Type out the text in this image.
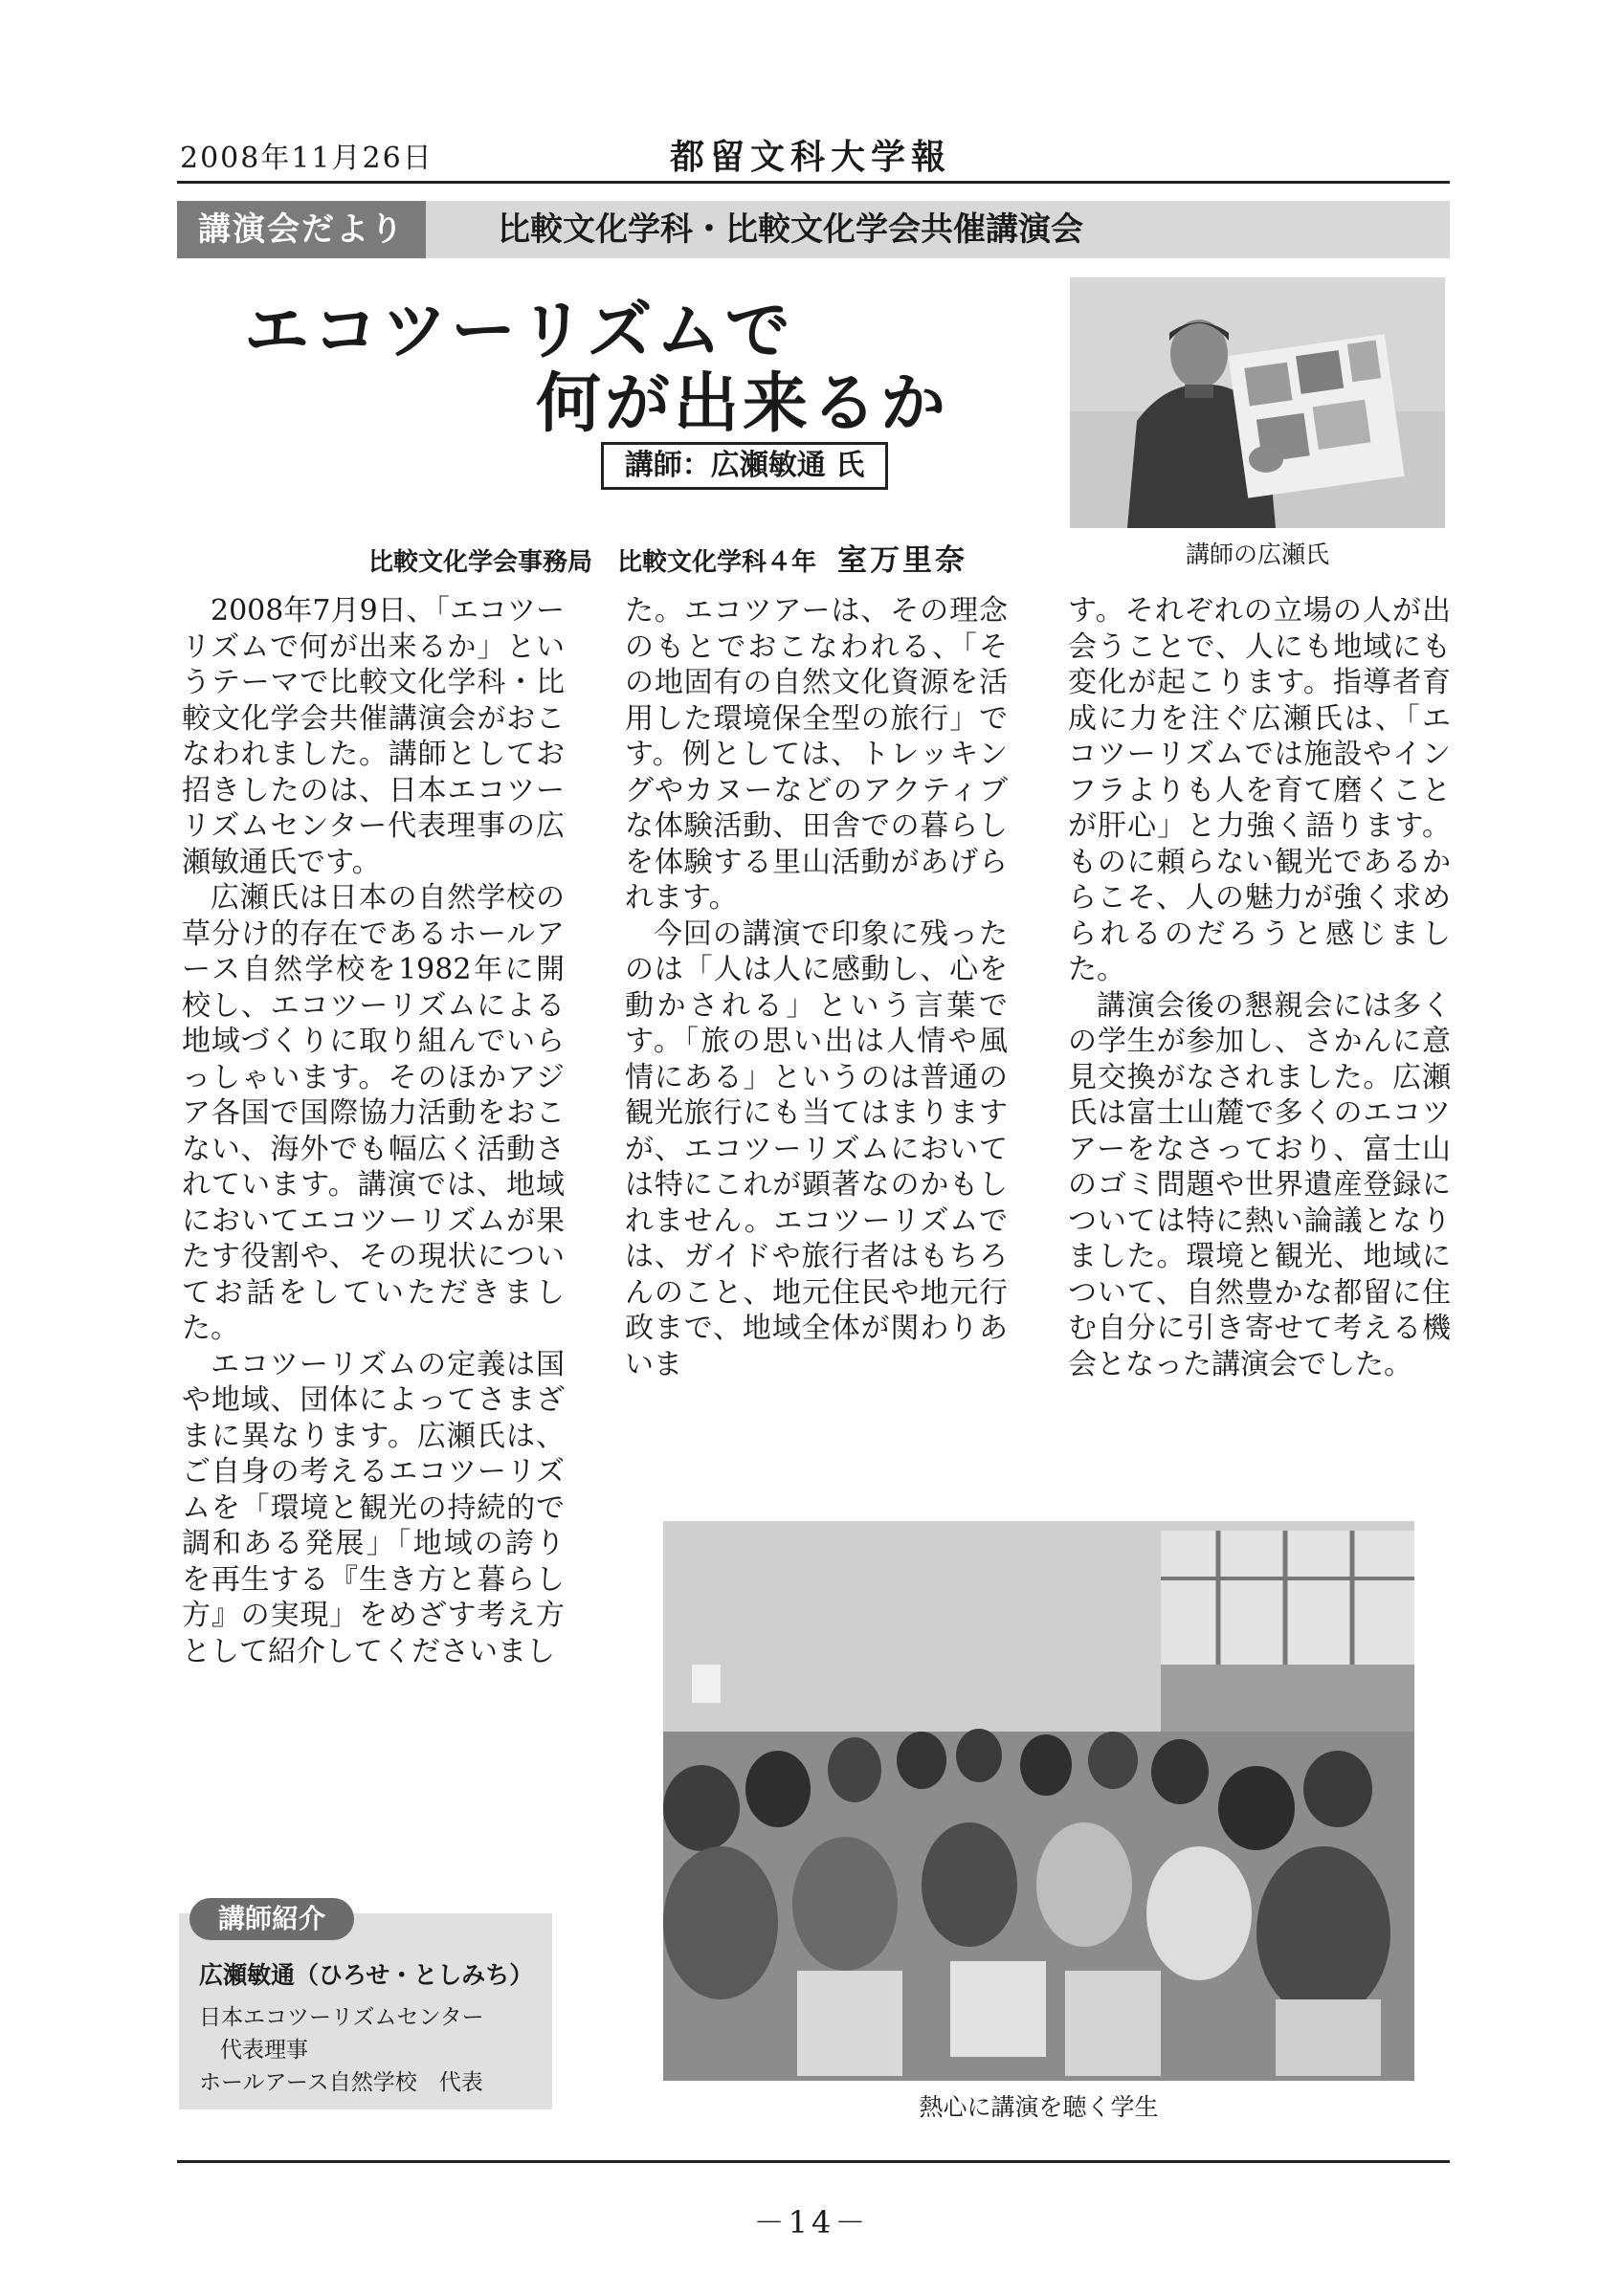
2008年11月26日	都留文科大学報
講演会だより	比較文化学科・比較文化学会共催講演会
エコツーリズムで
何が出来るか
講師：広瀬敏通 氏
比較文化学会事務局 比較文化学科４年 室万里奈	講師の広瀬氏

2008年7月9日、「エコツーリズムで何が出来るか」というテーマで比較文化学科・比較文化学会共催講演会がおこなわれました。講師としてお招きしたのは、日本エコツーリズムセンター代表理事の広瀬敏通氏です。

広瀬氏は日本の自然学校の草分け的存在であるホールアース自然学校を1982年に開校し、エコツーリズムによる地域づくりに取り組んでいらっしゃいます。そのほかアジア各国で国際協力活動をおこない、海外でも幅広く活動されています。講演では、地域においてエコツーリズムが果たす役割や、その現状についてお話をしていただきました。

エコツーリズムの定義は国や地域、団体によってさまざまに異なります。広瀬氏は、ご自身の考えるエコツーリズムを「環境と観光の持続的で調和ある発展」「地域の誇りを再生する『生き方と暮らし方』の実現」をめざす考え方として紹介してくださいまし

た。エコツアーは、その理念のもとでおこなわれる、「その地固有の自然文化資源を活用した環境保全型の旅行」です。例としては、トレッキングやカヌーなどのアクティブな体験活動、田舎での暮らしを体験する里山活動があげられます。

今回の講演で印象に残ったのは「人は人に感動し、心を動かされる」という言葉です。「旅の思い出は人情や風情にある」というのは普通の観光旅行にも当てはまりますが、エコツーリズムにおいては特にこれが顕著なのかもしれません。エコツーリズムでは、ガイドや旅行者はもちろんのこと、地元住民や地元行政まで、地域全体が関わりあいま

す。それぞれの立場の人が出会うことで、人にも地域にも変化が起こります。指導者育成に力を注ぐ広瀬氏は、「エコツーリズムでは施設やインフラよりも人を育て磨くことが肝心」と力強く語ります。ものに頼らない観光であるからこそ、人の魅力が強く求められるのだろうと感じました。

講演会後の懇親会には多くの学生が参加し、さかんに意見交換がなされました。広瀬氏は富士山麓で多くのエコツアーをなさっており、富士山のゴミ問題や世界遺産登録については特に熱い論議となりました。環境と観光、地域について、自然豊かな都留に住む自分に引き寄せて考える機会となった講演会でした。

熱心に講演を聴く学生
講師紹介
広瀬敏通（ひろせ・としみち）
日本エコツーリズムセンター
代表理事
ホールアース自然学校　代表
－14－
